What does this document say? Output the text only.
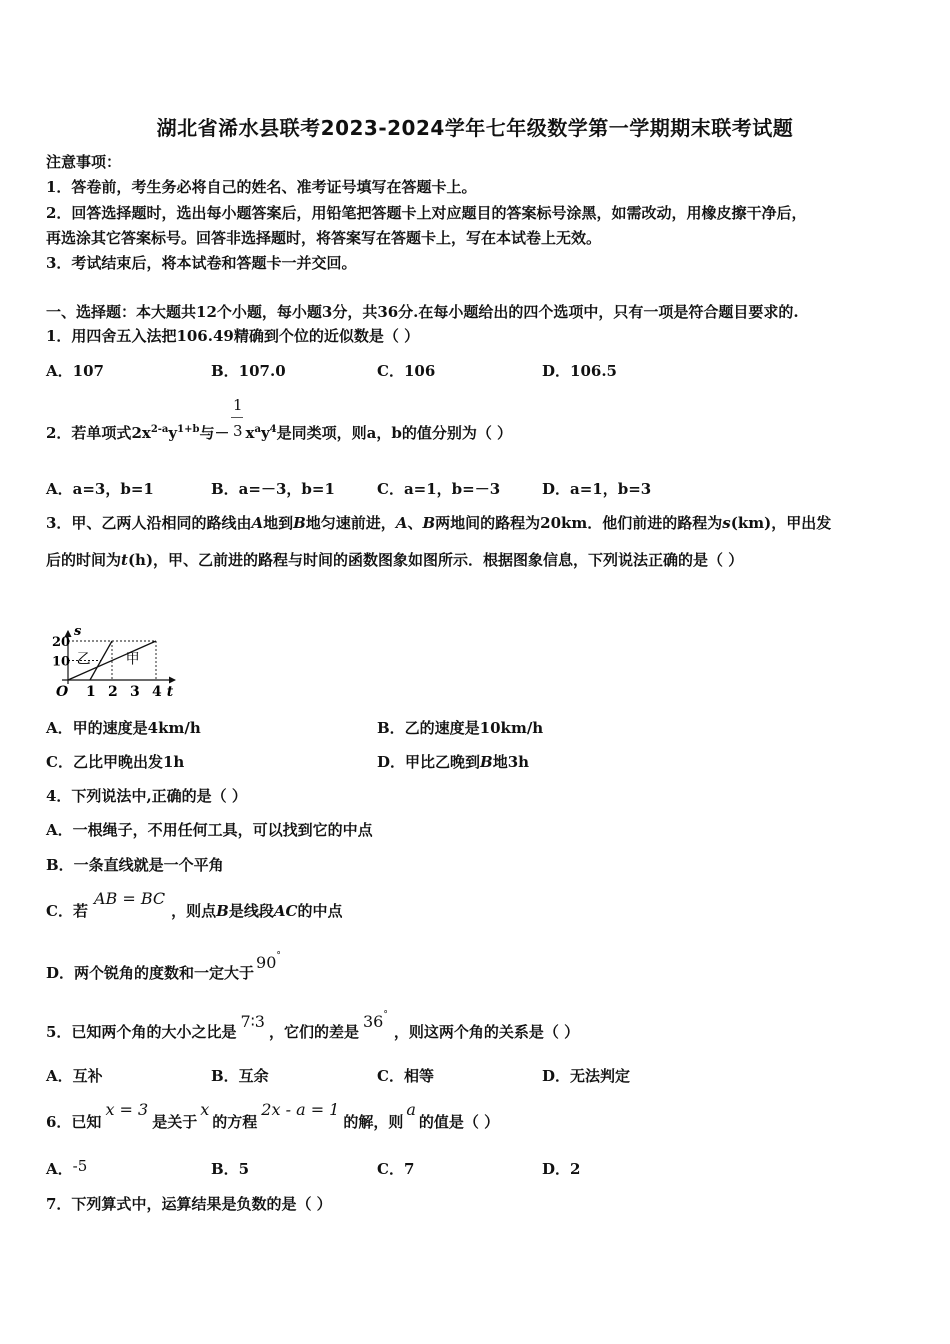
湖北省浠水县联考2023-2024学年七年级数学第一学期期末联考试题
注意事项：
1．答卷前，考生务必将自己的姓名、准考证号填写在答题卡上。
2．回答选择题时，选出每小题答案后，用铅笔把答题卡上对应题目的答案标号涂黑，如需改动，用橡皮擦干净后，
再选涂其它答案标号。回答非选择题时，将答案写在答题卡上，写在本试卷上无效。
3．考试结束后，将本试卷和答题卡一并交回。
一、选择题：本大题共12个小题，每小题3分，共36分.在每小题给出的四个选项中，只有一项是符合题目要求的.
1．用四舍五入法把106.49精确到个位的近似数是（ ）
A．107	B．107.0	C．106	D．106.5
2．若单项式$2x^{2-a}y^{1+b}$与－ $x^ay^4$是同类项，则a，b的值分别为（ ）
1
3
A．a=3，b=1	B．a=－3，b=1	C．a=1，b=－3	D．a=1，b=3
3．甲、乙两人沿相同的路线由A地到B地匀速前进，A、B两地间的路程为20km．他们前进的路程为s(km)，甲出发
后的时间为t(h)，甲、乙前进的路程与时间的函数图象如图所示．根据图象信息，下列说法正确的是（ ）
甲
乙
1 2 3 4
10
20
O	t
s
A．甲的速度是4km/h	B．乙的速度是10km/h
C．乙比甲晚出发1h	D．甲比乙晚到B地3h
4．下列说法中,正确的是（ ）
A．一根绳子，不用任何工具，可以找到它的中点
B．一条直线就是一个平角
C．若AB = BC，则点B是线段AC的中点
D．两个锐角的度数和一定大于90°
5．已知两个角的大小之比是7∶3，它们的差是36°，则这两个角的关系是（ ）
A．互补	B．互余	C．相等	D．无法判定
6．已知x = 3是关于x的方程2x - a = 1的解，则a的值是（ ）
A．-5	B．5	C．7	D．2
7．下列算式中，运算结果是负数的是（ ）
